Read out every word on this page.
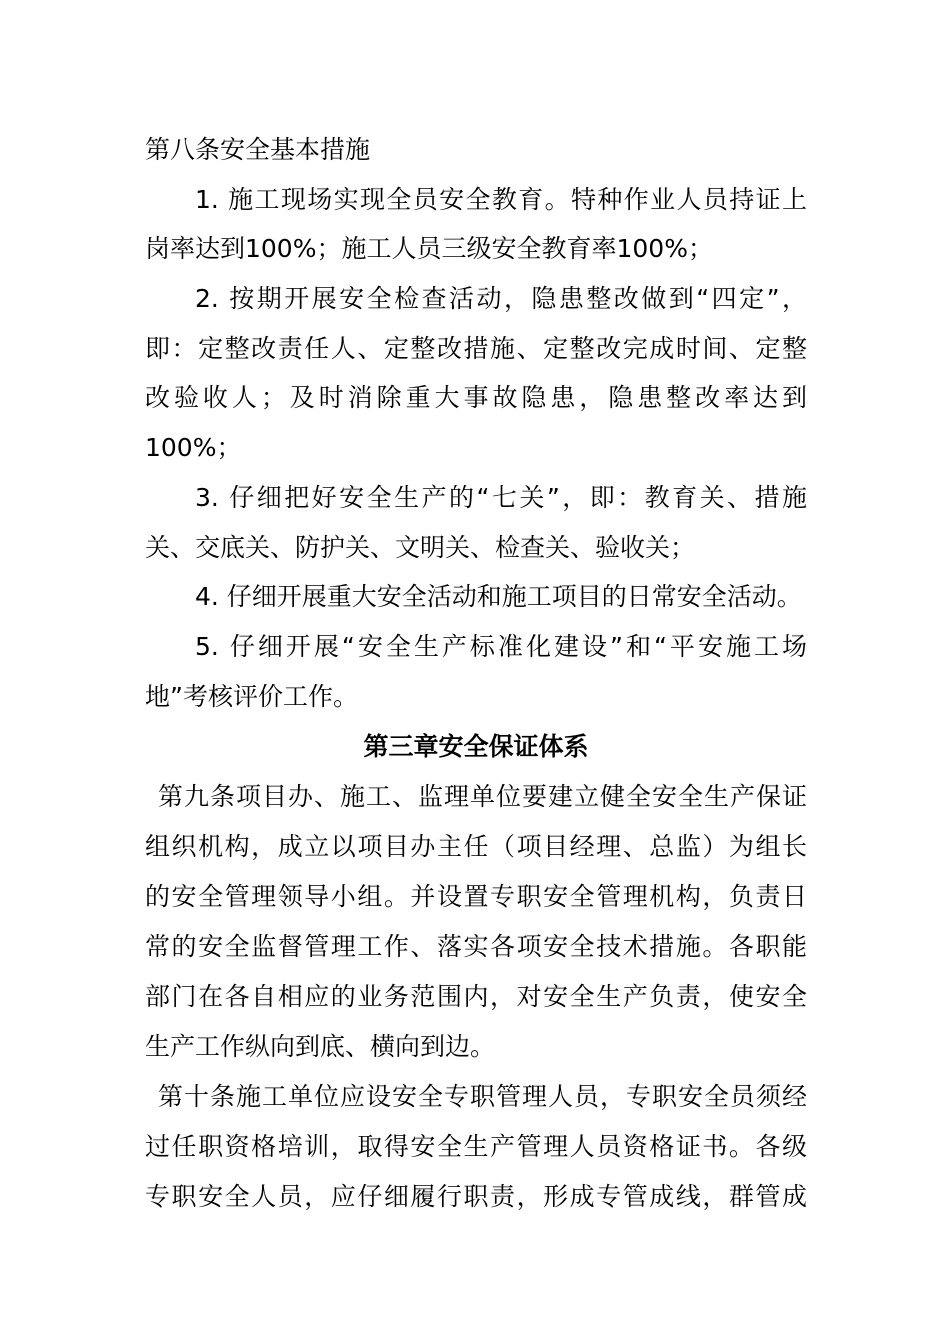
第八条安全基本措施
1. 施工现场实现全员安全教育。特种作业人员持证上
岗率达到100%；施工人员三级安全教育率100%；
2. 按期开展安全检查活动，隐患整改做到“四定”，
即：定整改责任人、定整改措施、定整改完成时间、定整
改验收人；及时消除重大事故隐患，隐患整改率达到
100%；
3. 仔细把好安全生产的“七关”，即：教育关、措施
关、交底关、防护关、文明关、检查关、验收关；
4. 仔细开展重大安全活动和施工项目的日常安全活动。
5. 仔细开展“安全生产标准化建设”和“平安施工场
地”考核评价工作。
第三章安全保证体系
第九条项目办、施工、监理单位要建立健全安全生产保证
组织机构，成立以项目办主任（项目经理、总监）为组长
的安全管理领导小组。并设置专职安全管理机构，负责日
常的安全监督管理工作、落实各项安全技术措施。各职能
部门在各自相应的业务范围内，对安全生产负责，使安全
生产工作纵向到底、横向到边。
第十条施工单位应设安全专职管理人员，专职安全员须经
过任职资格培训，取得安全生产管理人员资格证书。各级
专职安全人员，应仔细履行职责，形成专管成线，群管成
